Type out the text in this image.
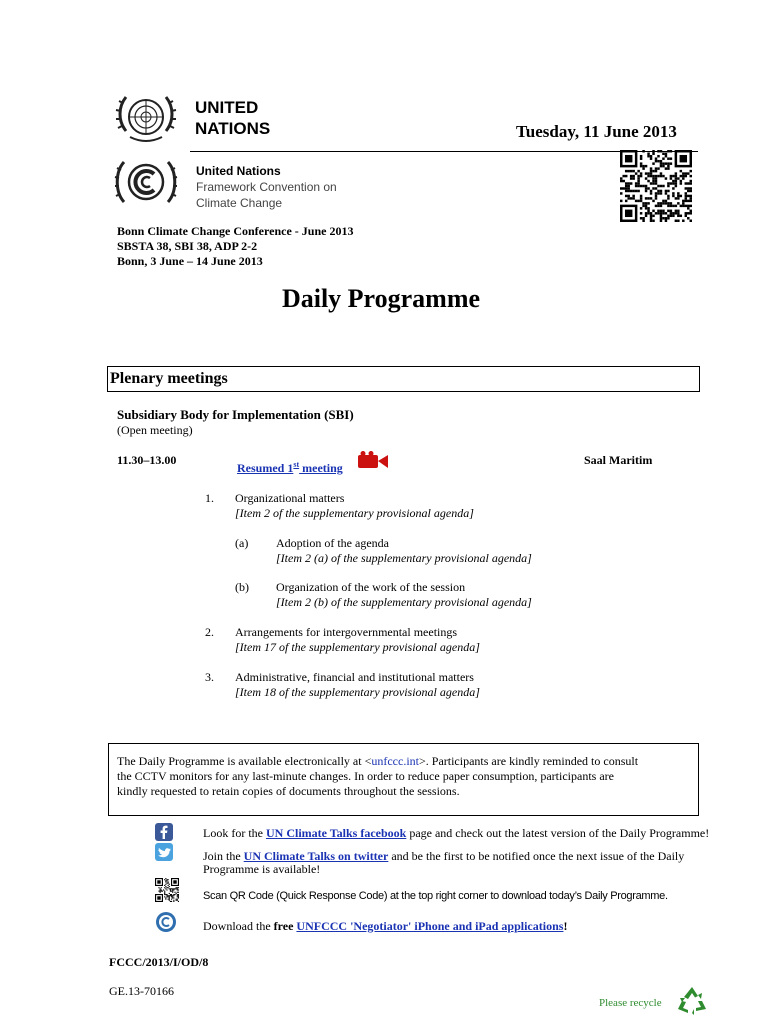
UNITED
NATIONS	Tuesday, 11 June 2013
United Nations
Framework Convention on
Climate Change
Bonn Climate Change Conference - June 2013
SBSTA 38, SBI 38, ADP 2-2
Bonn, 3 June – 14 June 2013
Daily Programme
Plenary meetings
Subsidiary Body for Implementation (SBI)
(Open meeting)
11.30–13.00
Resumed 1st meeting
Saal Maritim
1. Organizational matters
[Item 2 of the supplementary provisional agenda]
(a) Adoption of the agenda
[Item 2 (a) of the supplementary provisional agenda]
(b) Organization of the work of the session
[Item 2 (b) of the supplementary provisional agenda]
2. Arrangements for intergovernmental meetings
[Item 17 of the supplementary provisional agenda]
3. Administrative, financial and institutional matters
[Item 18 of the supplementary provisional agenda]
The Daily Programme is available electronically at <unfccc.int>. Participants are kindly reminded to consult
the CCTV monitors for any last-minute changes. In order to reduce paper consumption, participants are
kindly requested to retain copies of documents throughout the sessions.
Look for the UN Climate Talks facebook page and check out the latest version of the Daily Programme!
Join the UN Climate Talks on twitter and be the first to be notified once the next issue of the Daily
Programme is available!
Scan QR Code (Quick Response Code) at the top right corner to download today’s Daily Programme.
Download the free UNFCCC 'Negotiator' iPhone and iPad applications!
FCCC/2013/I/OD/8
GE.13-70166
Please recycle
